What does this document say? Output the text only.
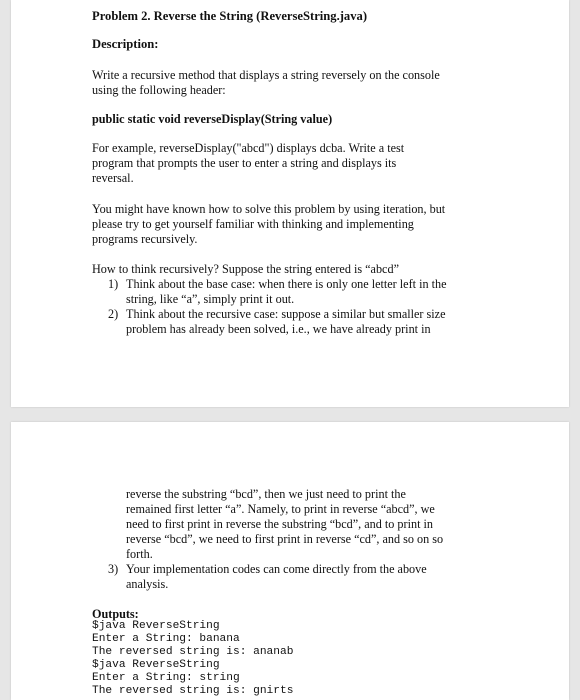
Problem 2. Reverse the String (ReverseString.java)
Description:
Write a recursive method that displays a string reversely on the console
using the following header:
public static void reverseDisplay(String value)
For example, reverseDisplay("abcd") displays dcba. Write a test
program that prompts the user to enter a string and displays its
reversal.
You might have known how to solve this problem by using iteration, but
please try to get yourself familiar with thinking and implementing
programs recursively.
How to think recursively? Suppose the string entered is “abcd”
1) Think about the base case: when there is only one letter left in the
string, like “a”, simply print it out.
2) Think about the recursive case: suppose a similar but smaller size
problem has already been solved, i.e., we have already print in
reverse the substring “bcd”, then we just need to print the
remained first letter “a”. Namely, to print in reverse “abcd”, we
need to first print in reverse the substring “bcd”, and to print in
reverse “bcd”, we need to first print in reverse “cd”, and so on so
forth.
3) Your implementation codes can come directly from the above
analysis.
Outputs:
$java ReverseString
Enter a String: banana
The reversed string is: ananab
$java ReverseString
Enter a String: string
The reversed string is: gnirts
